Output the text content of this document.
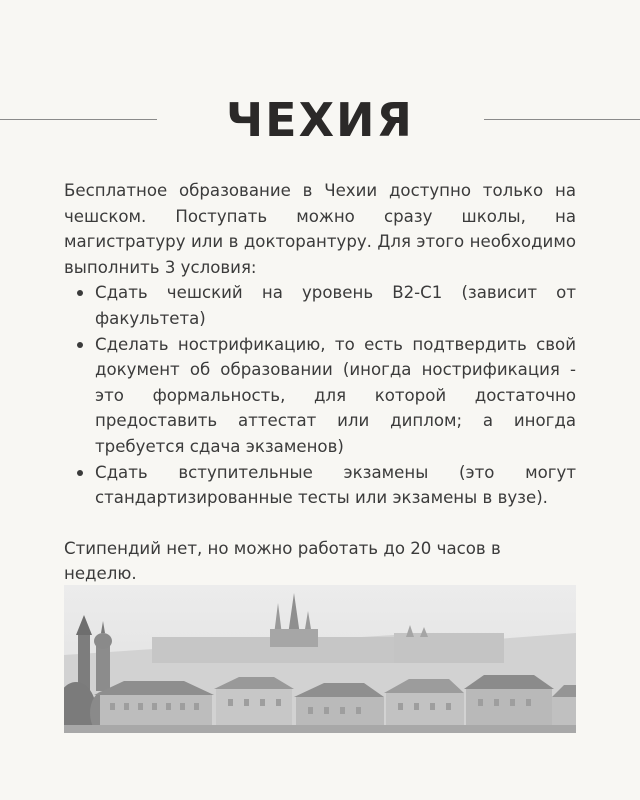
ЧЕХИЯ

Бесплатное образование в Чехии доступно только на чешском. Поступать можно сразу школы, на магистратуру или в докторантуру. Для этого необходимо выполнить 3 условия:

Сдать чешский на уровень B2-C1 (зависит от факультета)
Сделать нострификацию, то есть подтвердить свой документ об образовании (иногда нострификация - это формальность, для которой достаточно предоставить аттестат или диплом; а иногда требуется сдача экзаменов)
Сдать вступительные экзамены (это могут стандартизированные тесты или экзамены в вузе).

Стипендий нет, но можно работать до 20 часов в неделю.
